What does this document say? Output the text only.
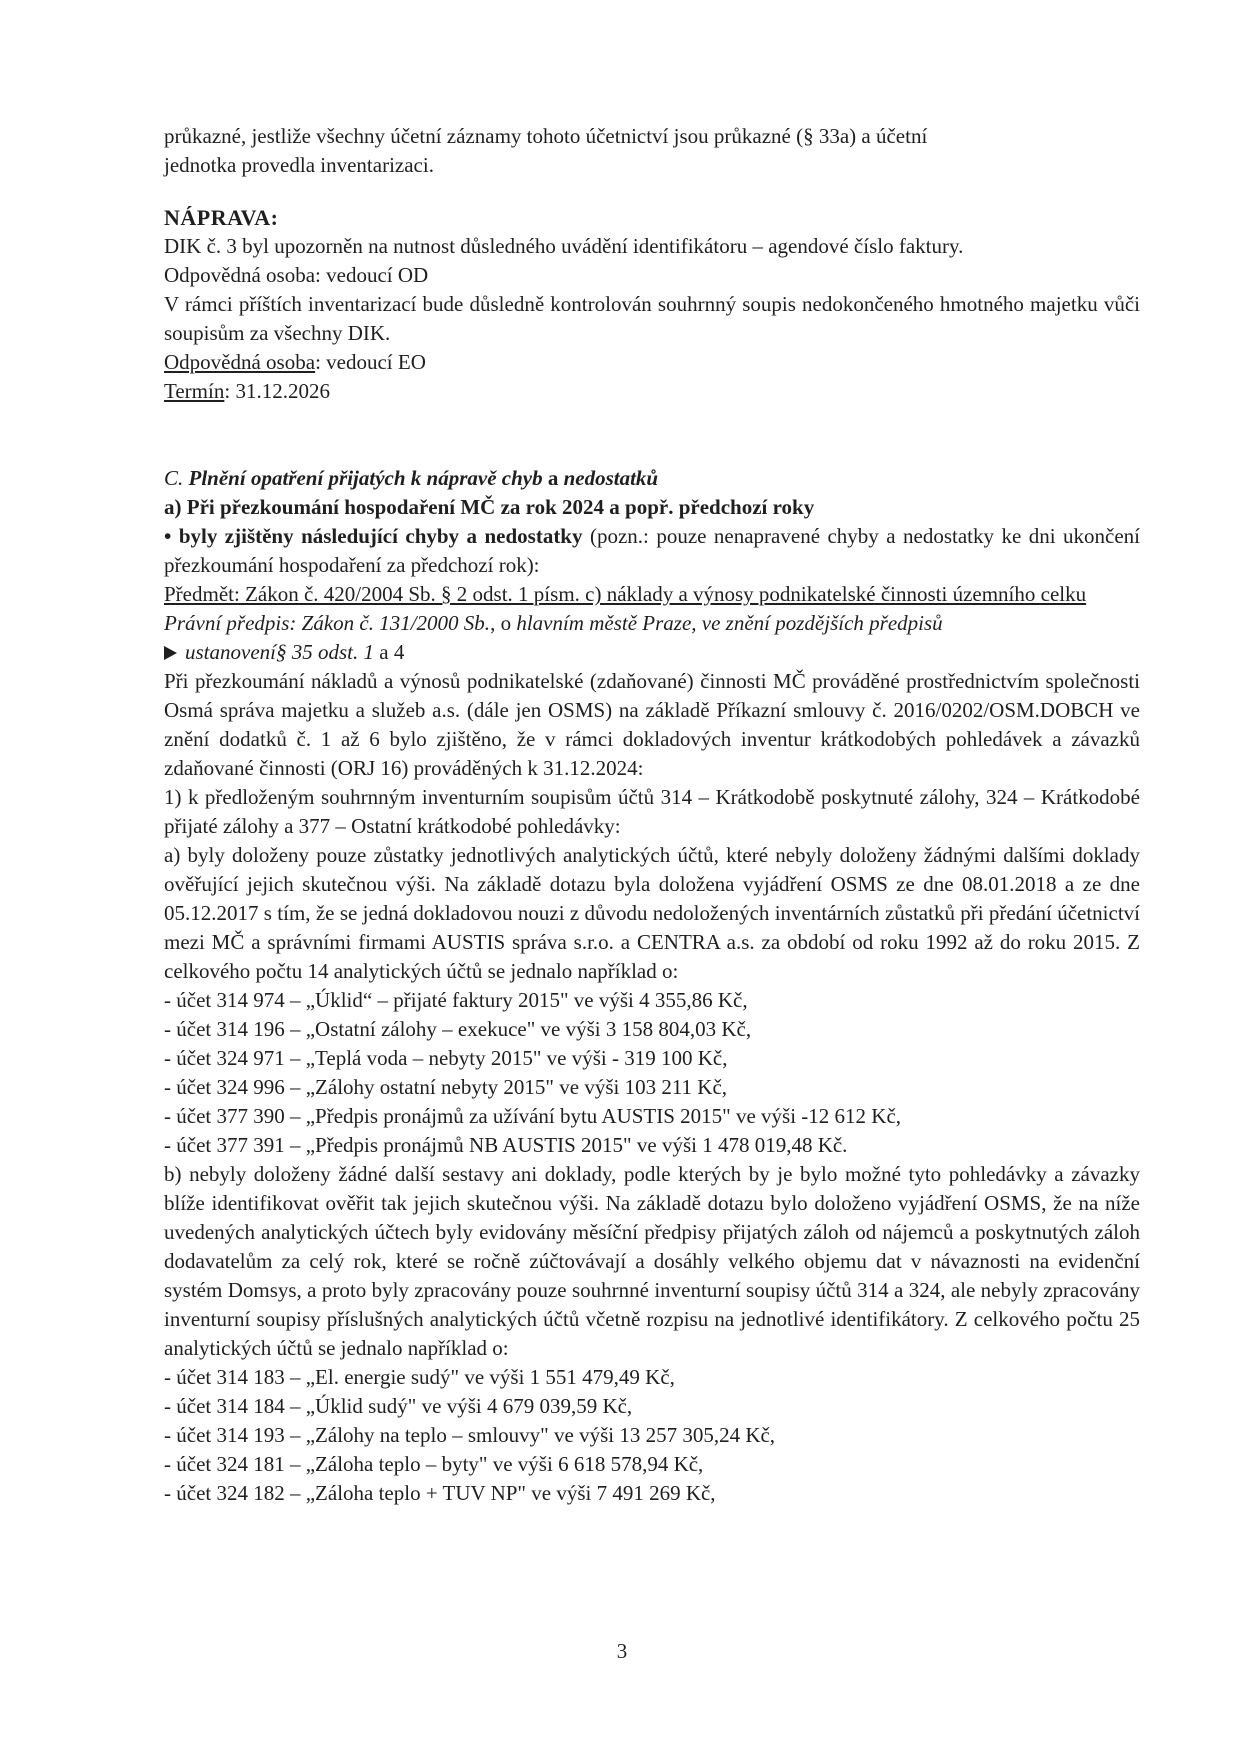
průkazné, jestliže všechny účetní záznamy tohoto účetnictví jsou průkazné (§ 33a) a účetní
jednotka provedla inventarizaci.

NÁPRAVA:

DIK č. 3 byl upozorněn na nutnost důsledného uvádění identifikátoru – agendové číslo faktury.

Odpovědná osoba: vedoucí OD

V rámci příštích inventarizací bude důsledně kontrolován souhrnný soupis nedokončeného hmotného majetku vůči soupisům za všechny DIK.

Odpovědná osoba: vedoucí EO

Termín: 31.12.2026

C. Plnění opatření přijatých k nápravě chyb a nedostatků

a) Při přezkoumání hospodaření MČ za rok 2024 a popř. předchozí roky

• byly zjištěny následující chyby a nedostatky (pozn.: pouze nenapravené chyby a nedostatky ke dni ukončení přezkoumání hospodaření za předchozí rok):

Předmět: Zákon č. 420/2004 Sb. § 2 odst. 1 písm. c) náklady a výnosy podnikatelské činnosti územního celku

Právní předpis: Zákon č. 131/2000 Sb., o hlavním městě Praze, ve znění pozdějších předpisů

ustanovení§ 35 odst. 1 a 4

Při přezkoumání nákladů a výnosů podnikatelské (zdaňované) činnosti MČ prováděné prostřednictvím společnosti Osmá správa majetku a služeb a.s. (dále jen OSMS) na základě Příkazní smlouvy č. 2016/0202/OSM.DOBCH ve znění dodatků č. 1 až 6 bylo zjištěno, že v rámci dokladových inventur krátkodobých pohledávek a závazků zdaňované činnosti (ORJ 16) prováděných k 31.12.2024:

1) k předloženým souhrnným inventurním soupisům účtů 314 – Krátkodobě poskytnuté zálohy, 324 – Krátkodobé přijaté zálohy a 377 – Ostatní krátkodobé pohledávky:

a) byly doloženy pouze zůstatky jednotlivých analytických účtů, které nebyly doloženy žádnými dalšími doklady ověřující jejich skutečnou výši. Na základě dotazu byla doložena vyjádření OSMS ze dne 08.01.2018 a ze dne 05.12.2017 s tím, že se jedná dokladovou nouzi z důvodu nedoložených inventárních zůstatků při předání účetnictví mezi MČ a správními firmami AUSTIS správa s.r.o. a CENTRA a.s. za období od roku 1992 až do roku 2015. Z celkového počtu 14 analytických účtů se jednalo například o:

- účet 314 974 – „Úklid“ – přijaté faktury 2015" ve výši 4 355,86 Kč,

- účet 314 196 – „Ostatní zálohy – exekuce" ve výši 3 158 804,03 Kč,

- účet 324 971 – „Teplá voda – nebyty 2015" ve výši - 319 100 Kč,

- účet 324 996 – „Zálohy ostatní nebyty 2015" ve výši 103 211 Kč,

- účet 377 390 – „Předpis pronájmů za užívání bytu AUSTIS 2015" ve výši -12 612 Kč,

- účet 377 391 – „Předpis pronájmů NB AUSTIS 2015" ve výši 1 478 019,48 Kč.

b) nebyly doloženy žádné další sestavy ani doklady, podle kterých by je bylo možné tyto pohledávky a závazky blíže identifikovat ověřit tak jejich skutečnou výši. Na základě dotazu bylo doloženo vyjádření OSMS, že na níže uvedených analytických účtech byly evidovány měsíční předpisy přijatých záloh od nájemců a poskytnutých záloh dodavatelům za celý rok, které se ročně zúčtovávají a dosáhly velkého objemu dat v návaznosti na evidenční systém Domsys, a proto byly zpracovány pouze souhrnné inventurní soupisy účtů 314 a 324, ale nebyly zpracovány inventurní soupisy příslušných analytických účtů včetně rozpisu na jednotlivé identifikátory. Z celkového počtu 25 analytických účtů se jednalo například o:

- účet 314 183 – „El. energie sudý" ve výši 1 551 479,49 Kč,

- účet 314 184 – „Úklid sudý" ve výši 4 679 039,59 Kč,

- účet 314 193 – „Zálohy na teplo – smlouvy" ve výši 13 257 305,24 Kč,

- účet 324 181 – „Záloha teplo – byty" ve výši 6 618 578,94 Kč,

- účet 324 182 – „Záloha teplo + TUV NP" ve výši 7 491 269 Kč,

3
